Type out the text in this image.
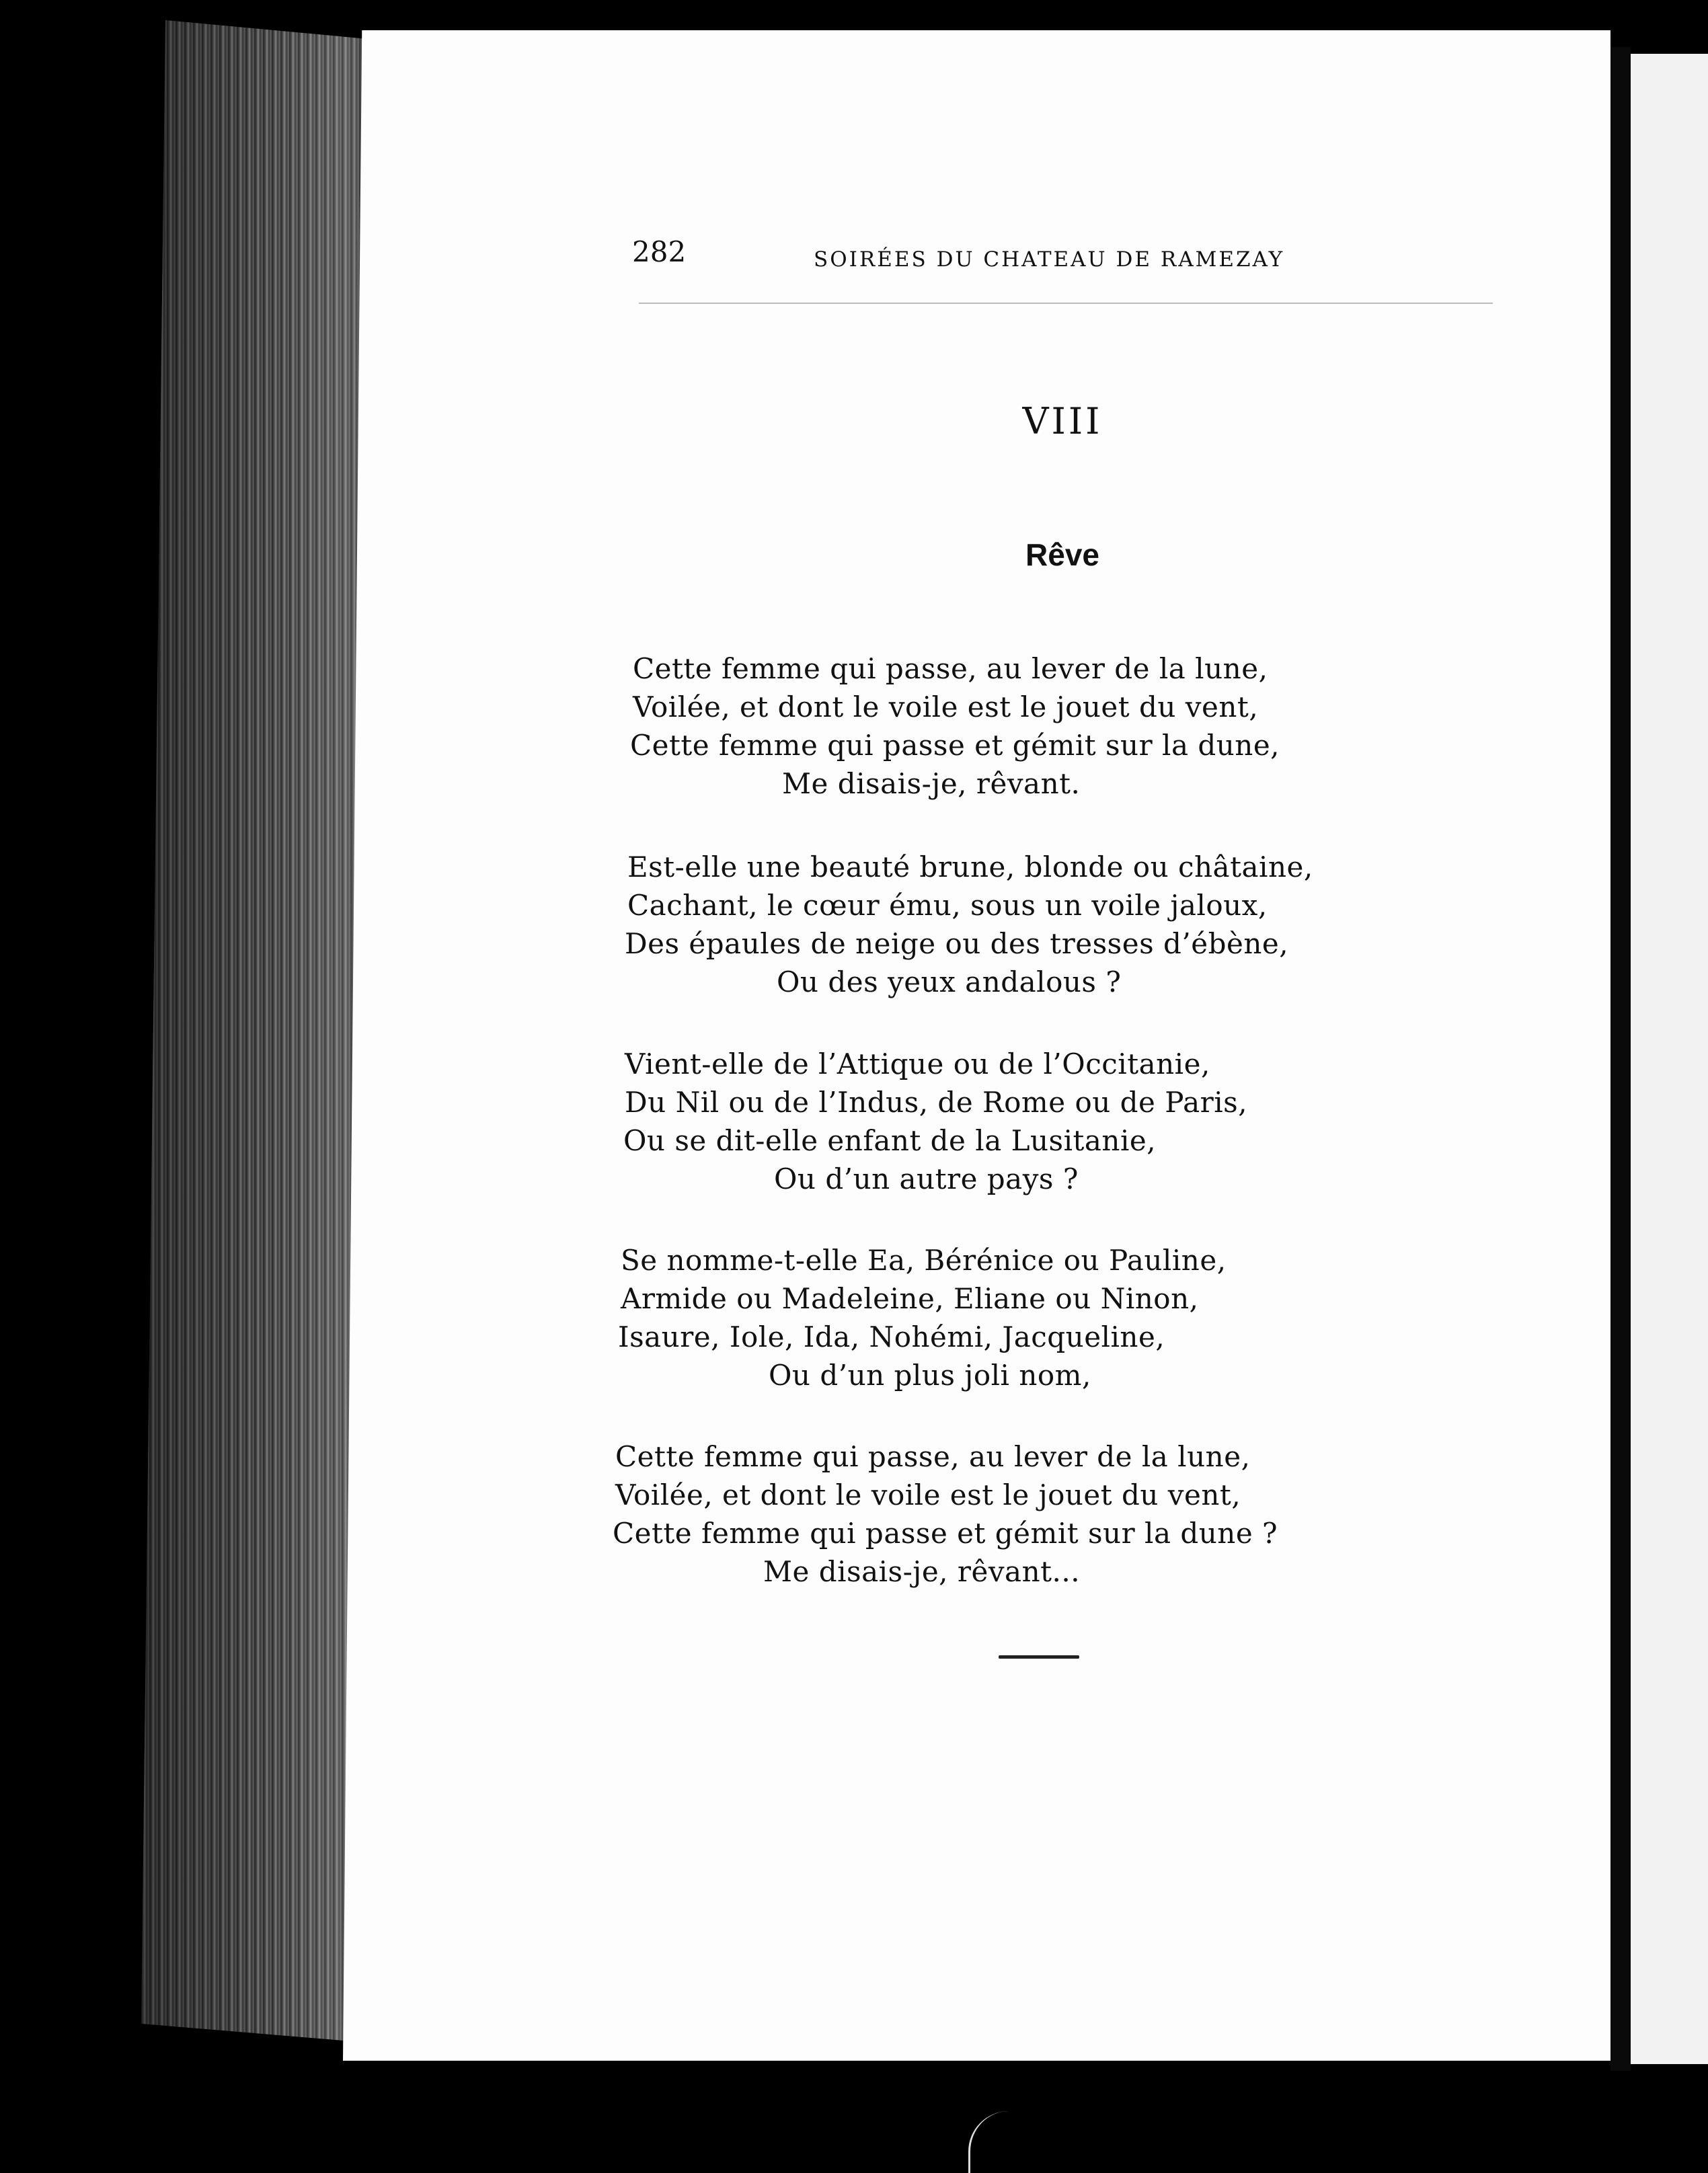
282	SOIRÉES DU CHATEAU DE RAMEZAY
VIII
Rêve
Cette femme qui passe, au lever de la lune,
Voilée, et dont le voile est le jouet du vent,
Cette femme qui passe et gémit sur la dune,
Me disais-je, rêvant.
Est-elle une beauté brune, blonde ou châtaine,
Cachant, le cœur ému, sous un voile jaloux,
Des épaules de neige ou des tresses d’ébène,
Ou des yeux andalous ?
Vient-elle de l’Attique ou de l’Occitanie,
Du Nil ou de l’Indus, de Rome ou de Paris,
Ou se dit-elle enfant de la Lusitanie,
Ou d’un autre pays ?
Se nomme-t-elle Ea, Bérénice ou Pauline,
Armide ou Madeleine, Eliane ou Ninon,
Isaure, Iole, Ida, Nohémi, Jacqueline,
Ou d’un plus joli nom,
Cette femme qui passe, au lever de la lune,
Voilée, et dont le voile est le jouet du vent,
Cette femme qui passe et gémit sur la dune ?
Me disais-je, rêvant...
